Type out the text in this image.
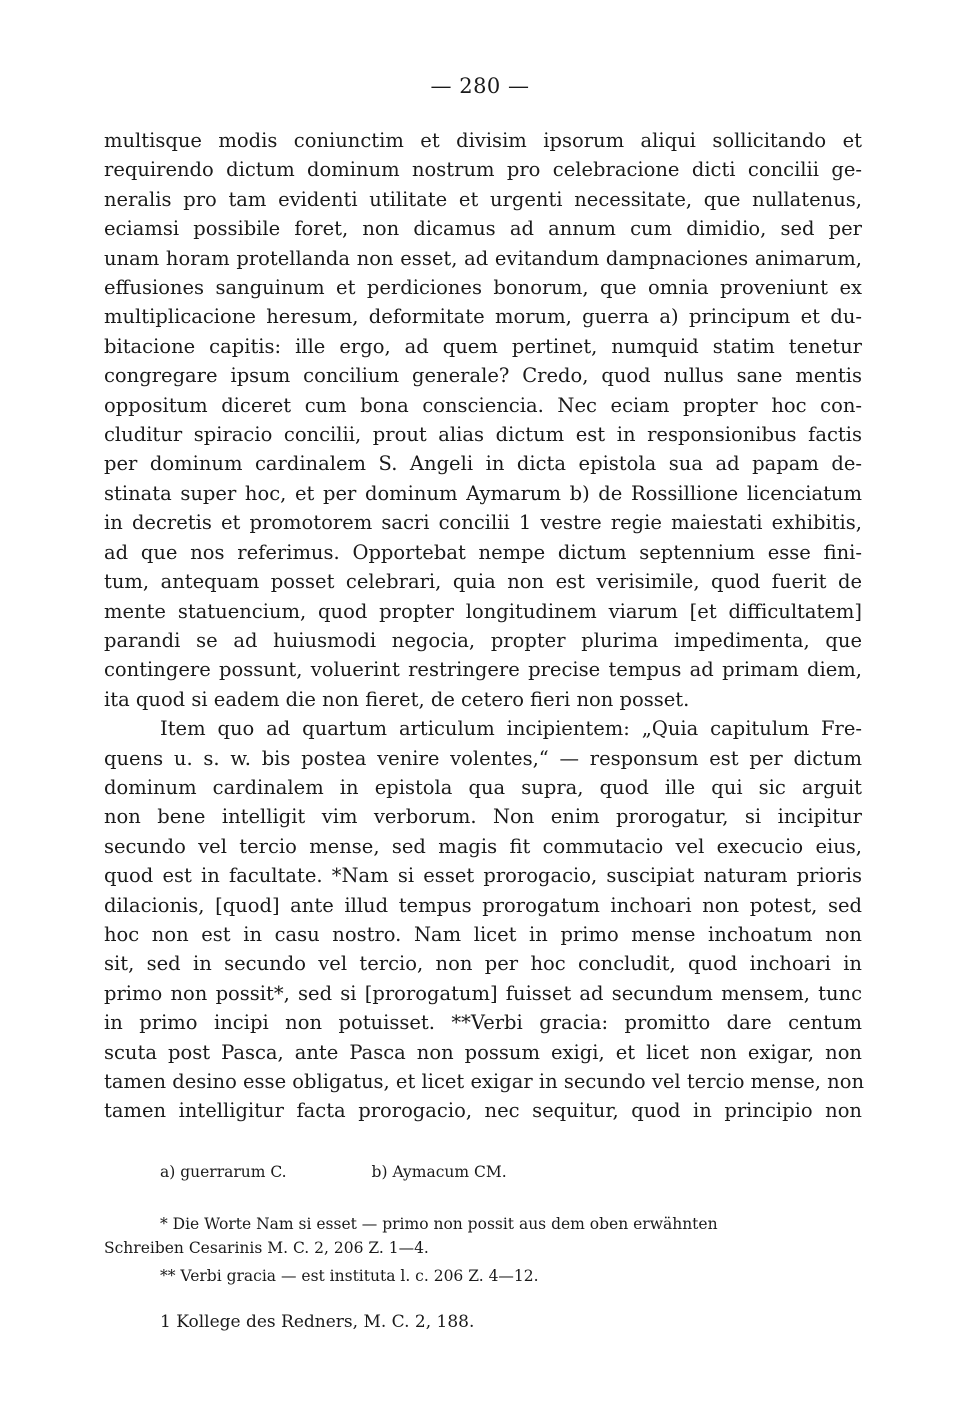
— 280 —
multisque modis coniunctim et divisim ipsorum aliqui sollicitando et
requirendo dictum dominum nostrum pro celebracione dicti concilii ge-
neralis pro tam evidenti utilitate et urgenti necessitate, que nullatenus,
eciamsi possibile foret, non dicamus ad annum cum dimidio, sed per
unam horam protellanda non esset, ad evitandum dampnaciones animarum,
effusiones sanguinum et perdiciones bonorum, que omnia proveniunt ex
multiplicacione heresum, deformitate morum, guerra a) principum et du-
bitacione capitis: ille ergo, ad quem pertinet, numquid statim tenetur
congregare ipsum concilium generale? Credo, quod nullus sane mentis
oppositum diceret cum bona consciencia. Nec eciam propter hoc con-
cluditur spiracio concilii, prout alias dictum est in responsionibus factis
per dominum cardinalem S. Angeli in dicta epistola sua ad papam de-
stinata super hoc, et per dominum Aymarum b) de Rossillione licenciatum
in decretis et promotorem sacri concilii 1 vestre regie maiestati exhibitis,
ad que nos referimus. Opportebat nempe dictum septennium esse fini-
tum, antequam posset celebrari, quia non est verisimile, quod fuerit de
mente statuencium, quod propter longitudinem viarum [et difficultatem]
parandi se ad huiusmodi negocia, propter plurima impedimenta, que
contingere possunt, voluerint restringere precise tempus ad primam diem,
ita quod si eadem die non fieret, de cetero fieri non posset.
Item quo ad quartum articulum incipientem: „Quia capitulum Fre-
quens u. s. w. bis postea venire volentes,“ — responsum est per dictum
dominum cardinalem in epistola qua supra, quod ille qui sic arguit
non bene intelligit vim verborum. Non enim prorogatur, si incipitur
secundo vel tercio mense, sed magis fit commutacio vel execucio eius,
quod est in facultate. *Nam si esset prorogacio, suscipiat naturam prioris
dilacionis, [quod] ante illud tempus prorogatum inchoari non potest, sed
hoc non est in casu nostro. Nam licet in primo mense inchoatum non
sit, sed in secundo vel tercio, non per hoc concludit, quod inchoari in
primo non possit*, sed si [prorogatum] fuisset ad secundum mensem, tunc
in primo incipi non potuisset. **Verbi gracia: promitto dare centum
scuta post Pasca, ante Pasca non possum exigi, et licet non exigar, non
tamen desino esse obligatus, et licet exigar in secundo vel tercio mense, non
tamen intelligitur facta prorogacio, nec sequitur, quod in principio non
a) guerrarum C.	b) Aymacum CM.
* Die Worte Nam si esset — primo non possit aus dem oben erwähnten
Schreiben Cesarinis M. C. 2, 206 Z. 1—4.
** Verbi gracia — est instituta l. c. 206 Z. 4—12.
1 Kollege des Redners, M. C. 2, 188.
